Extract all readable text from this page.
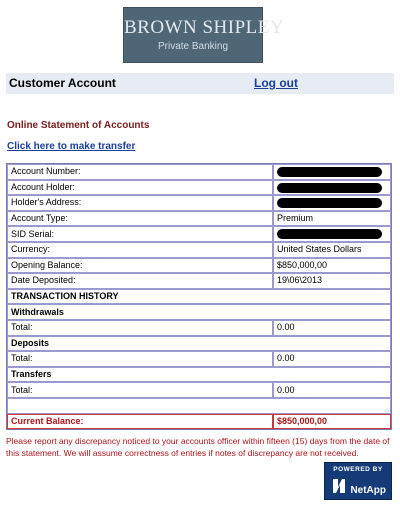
BROWN SHIPLEY
Private Banking
Customer Account	Log out
Online Statement of Accounts
Click here to make transfer
Account Number:	
Account Holder:	
Holder's Address:	
Account Type:	Premium
SID Serial:	
Currency:	United States Dollars
Opening Balance:	$850,000,00
Date Deposited:	19\06\2013
TRANSACTION HISTORY	
Withdrawals	
Total:	0.00
Deposits	
Total:	0.00
Transfers	
Total:	0.00

Current Balance:	$850,000,00
Please report any discrepancy noticed to your accounts officer within fifteen (15) days from the date of this statement. We will assume correctness of entries if notes of discrepancy are not received.
POWERED BY
NetApp
